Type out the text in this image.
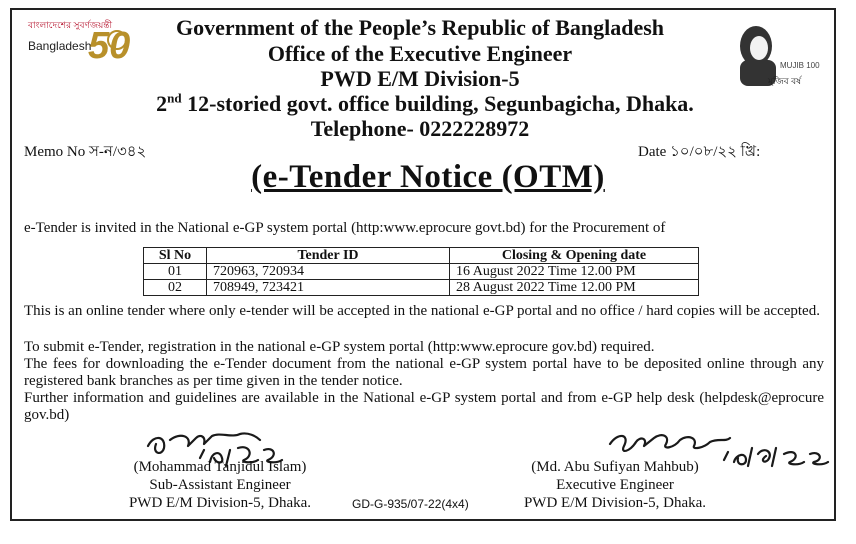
বাংলাদেশের সুবর্ণজয়ন্তী
Bangladesh
50	MUJIB 100
মুজিব বর্ষ
Government of the People’s Republic of Bangladesh
Office of the Executive Engineer
PWD E/M Division-5
2nd 12-storied govt. office building, Segunbagicha, Dhaka.
Telephone- 0222228972
Memo No স-ন/৩৪২	Date ১০/০৮/২২ খ্রি:
(e-Tender Notice (OTM)
e-Tender is invited in the National e-GP system portal (http:www.eprocure govt.bd) for the Procurement of
Sl No	Tender ID	Closing & Opening date
01	720963, 720934	16 August 2022 Time 12.00 PM
02	708949, 723421	28 August 2022 Time 12.00 PM
This is an online tender where only e-tender will be accepted in the national e-GP portal and no office / hard copies will be accepted.
To submit e-Tender, registration in the national e-GP system portal (http:www.eprocure gov.bd) required.
The fees for downloading the e-Tender document from the national e-GP system portal have to be deposited online through any registered bank branches as per time given in the tender notice.
Further information and guidelines are available in the National e-GP system portal and from e-GP help desk (helpdesk@eprocure gov.bd)
(Mohammad Tanjidul Islam)
Sub-Assistant Engineer
PWD E/M Division-5, Dhaka.
(Md. Abu Sufiyan Mahbub)
Executive Engineer
PWD E/M Division-5, Dhaka.
GD-G-935/07-22(4x4)
